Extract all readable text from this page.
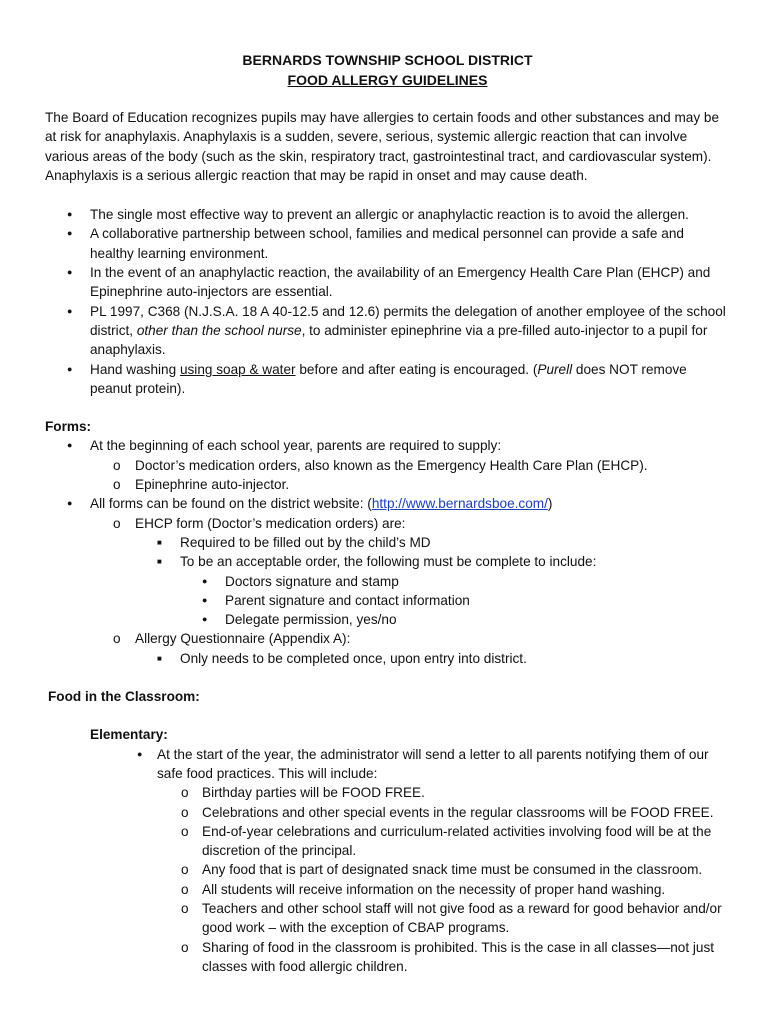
BERNARDS TOWNSHIP SCHOOL DISTRICT
FOOD ALLERGY GUIDELINES

The Board of Education recognizes pupils may have allergies to certain foods and other substances and may be at risk for anaphylaxis. Anaphylaxis is a sudden, severe, serious, systemic allergic reaction that can involve various areas of the body (such as the skin, respiratory tract, gastrointestinal tract, and cardiovascular system). Anaphylaxis is a serious allergic reaction that may be rapid in onset and may cause death.

● The single most effective way to prevent an allergic or anaphylactic reaction is to avoid the allergen.
● A collaborative partnership between school, families and medical personnel can provide a safe and healthy learning environment.
● In the event of an anaphylactic reaction, the availability of an Emergency Health Care Plan (EHCP) and Epinephrine auto-injectors are essential.
● PL 1997, C368 (N.J.S.A. 18 A 40-12.5 and 12.6) permits the delegation of another employee of the school district, other than the school nurse, to administer epinephrine via a pre-filled auto-injector to a pupil for anaphylaxis.
● Hand washing using soap & water before and after eating is encouraged. (Purell does NOT remove peanut protein).
Forms:
● At the beginning of each school year, parents are required to supply:
o Doctor’s medication orders, also known as the Emergency Health Care Plan (EHCP).
o Epinephrine auto-injector.
● All forms can be found on the district website: (http://www.bernardsboe.com/)
o EHCP form (Doctor’s medication orders) are:
■ Required to be filled out by the child’s MD
■ To be an acceptable order, the following must be complete to include:
● Doctors signature and stamp
● Parent signature and contact information
● Delegate permission, yes/no
o Allergy Questionnaire (Appendix A):
■ Only needs to be completed once, upon entry into district.
Food in the Classroom:
Elementary:
● At the start of the year, the administrator will send a letter to all parents notifying them of our safe food practices. This will include:
o Birthday parties will be FOOD FREE.
o Celebrations and other special events in the regular classrooms will be FOOD FREE.
o End-of-year celebrations and curriculum-related activities involving food will be at the discretion of the principal.
o Any food that is part of designated snack time must be consumed in the classroom.
o All students will receive information on the necessity of proper hand washing.
o Teachers and other school staff will not give food as a reward for good behavior and/or good work – with the exception of CBAP programs.
o Sharing of food in the classroom is prohibited. This is the case in all classes—not just classes with food allergic children.
